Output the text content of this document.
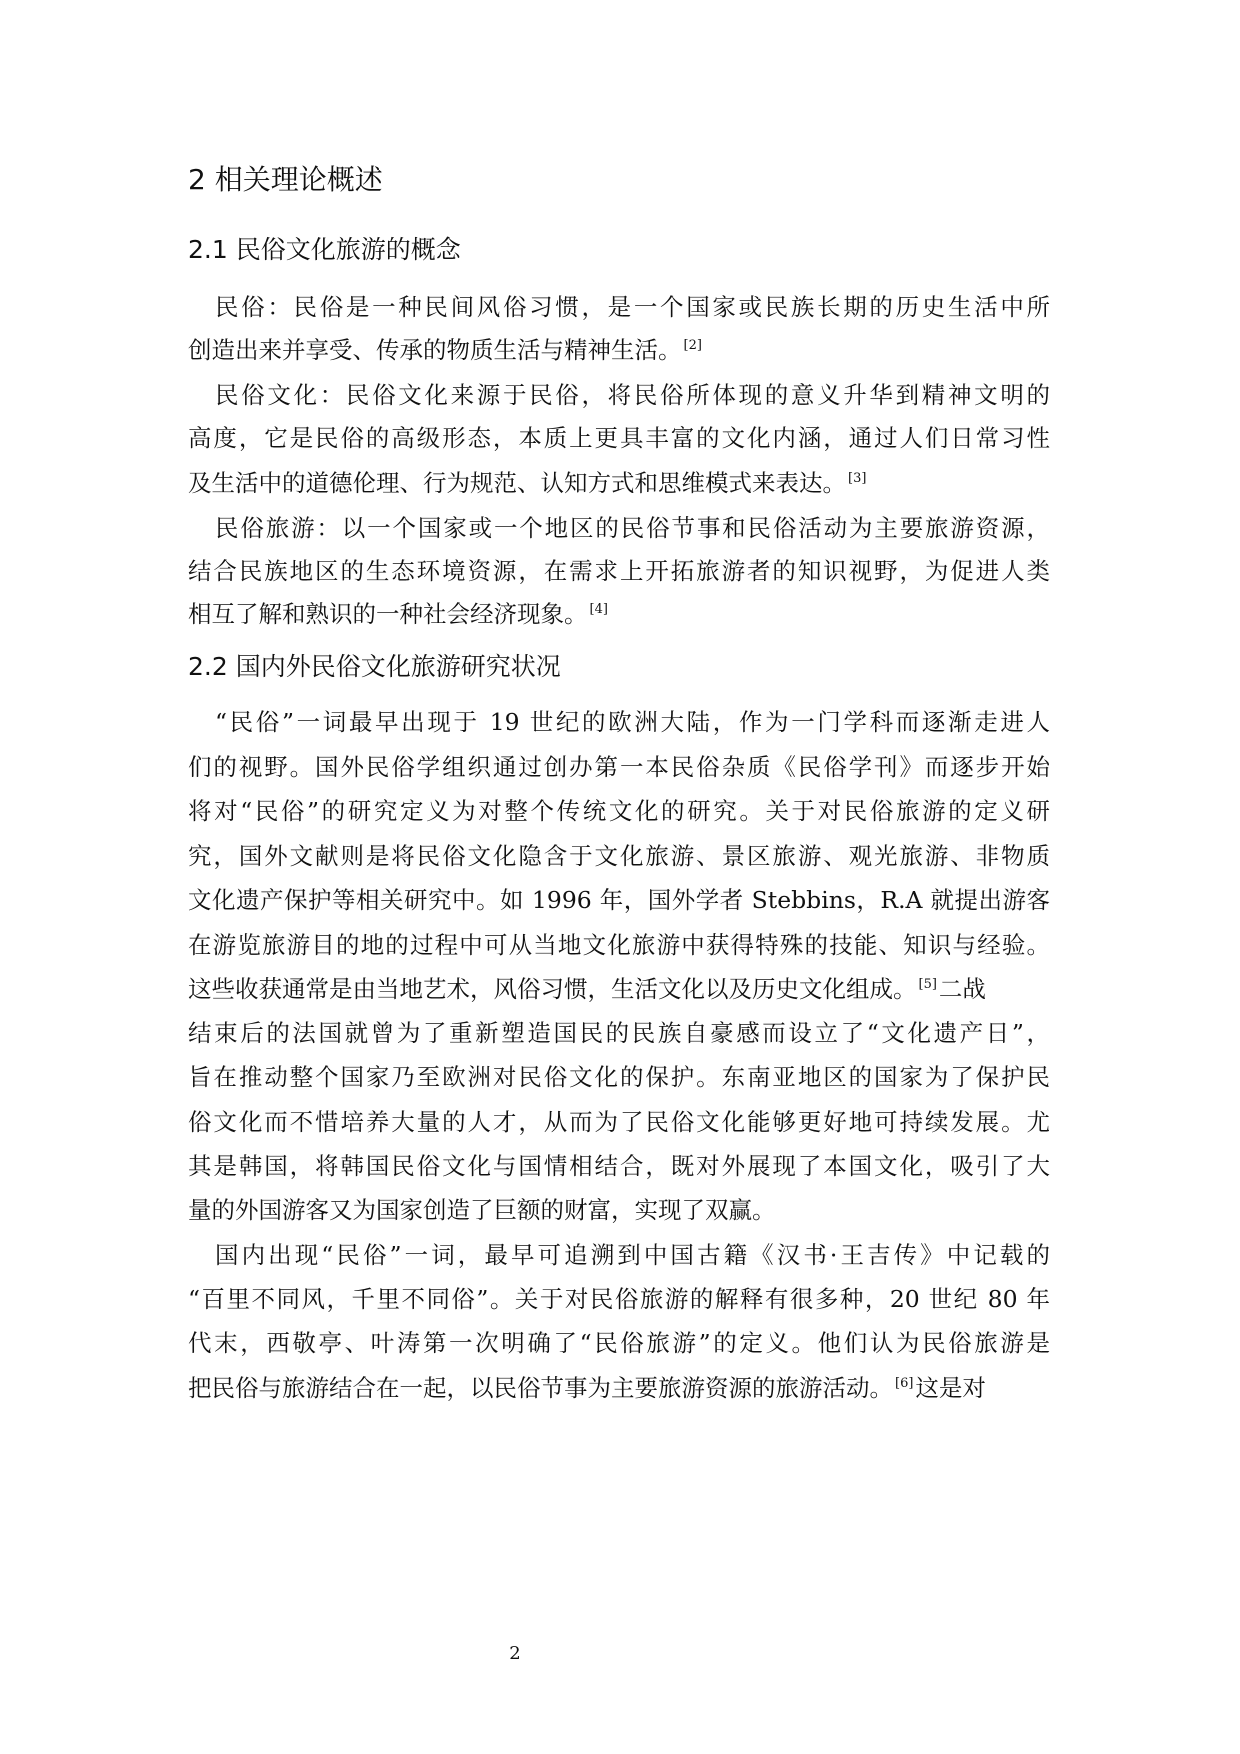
2 相关理论概述
2.1 民俗文化旅游的概念
2.2 国内外民俗文化旅游研究状况
民俗：民俗是一种民间风俗习惯，是一个国家或民族长期的历史生活中所
创造出来并享受、传承的物质生活与精神生活。 [2]
民俗文化：民俗文化来源于民俗，将民俗所体现的意义升华到精神文明的
高度，它是民俗的高级形态，本质上更具丰富的文化内涵，通过人们日常习性
及生活中的道德伦理、行为规范、认知方式和思维模式来表达。 [3]
民俗旅游：以一个国家或一个地区的民俗节事和民俗活动为主要旅游资源，
结合民族地区的生态环境资源，在需求上开拓旅游者的知识视野，为促进人类
相互了解和熟识的一种社会经济现象。 [4]
“民俗”一词最早出现于 19 世纪的欧洲大陆，作为一门学科而逐渐走进人
们的视野。国外民俗学组织通过创办第一本民俗杂质《民俗学刊》而逐步开始
将对“民俗”的研究定义为对整个传统文化的研究。关于对民俗旅游的定义研
究，国外文献则是将民俗文化隐含于文化旅游、景区旅游、观光旅游、非物质
文化遗产保护等相关研究中。如 1996 年，国外学者 Stebbins，R.A 就提出游客
在游览旅游目的地的过程中可从当地文化旅游中获得特殊的技能、知识与经验。
这些收获通常是由当地艺术，风俗习惯，生活文化以及历史文化组成。 [5]二战
结束后的法国就曾为了重新塑造国民的民族自豪感而设立了“文化遗产日”，
旨在推动整个国家乃至欧洲对民俗文化的保护。东南亚地区的国家为了保护民
俗文化而不惜培养大量的人才，从而为了民俗文化能够更好地可持续发展。尤
其是韩国，将韩国民俗文化与国情相结合，既对外展现了本国文化，吸引了大
量的外国游客又为国家创造了巨额的财富，实现了双赢。
国内出现“民俗”一词，最早可追溯到中国古籍《汉书·王吉传》中记载的
“百里不同风，千里不同俗”。关于对民俗旅游的解释有很多种，20 世纪 80 年
代末，西敬亭、叶涛第一次明确了“民俗旅游”的定义。他们认为民俗旅游是
把民俗与旅游结合在一起，以民俗节事为主要旅游资源的旅游活动。 [6]这是对
2
